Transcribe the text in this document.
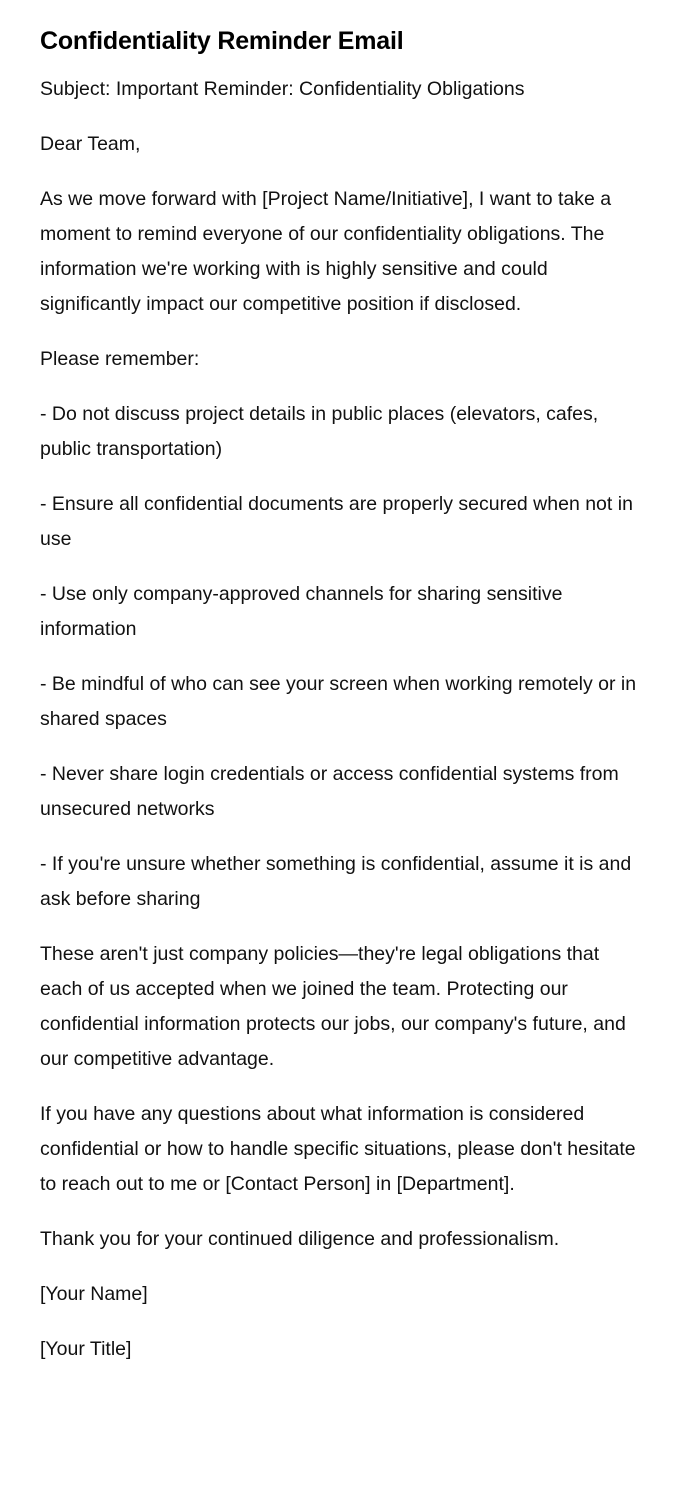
Confidentiality Reminder Email

Subject: Important Reminder: Confidentiality Obligations

Dear Team,

As we move forward with [Project Name/Initiative], I want to take a moment to remind everyone of our confidentiality obligations. The information we're working with is highly sensitive and could significantly impact our competitive position if disclosed.

Please remember:

- Do not discuss project details in public places (elevators, cafes, public transportation)

- Ensure all confidential documents are properly secured when not in use

- Use only company-approved channels for sharing sensitive information

- Be mindful of who can see your screen when working remotely or in shared spaces

- Never share login credentials or access confidential systems from unsecured networks

- If you're unsure whether something is confidential, assume it is and ask before sharing

These aren't just company policies—they're legal obligations that each of us accepted when we joined the team. Protecting our confidential information protects our jobs, our company's future, and our competitive advantage.

If you have any questions about what information is considered confidential or how to handle specific situations, please don't hesitate to reach out to me or [Contact Person] in [Department].

Thank you for your continued diligence and professionalism.

[Your Name]

[Your Title]
